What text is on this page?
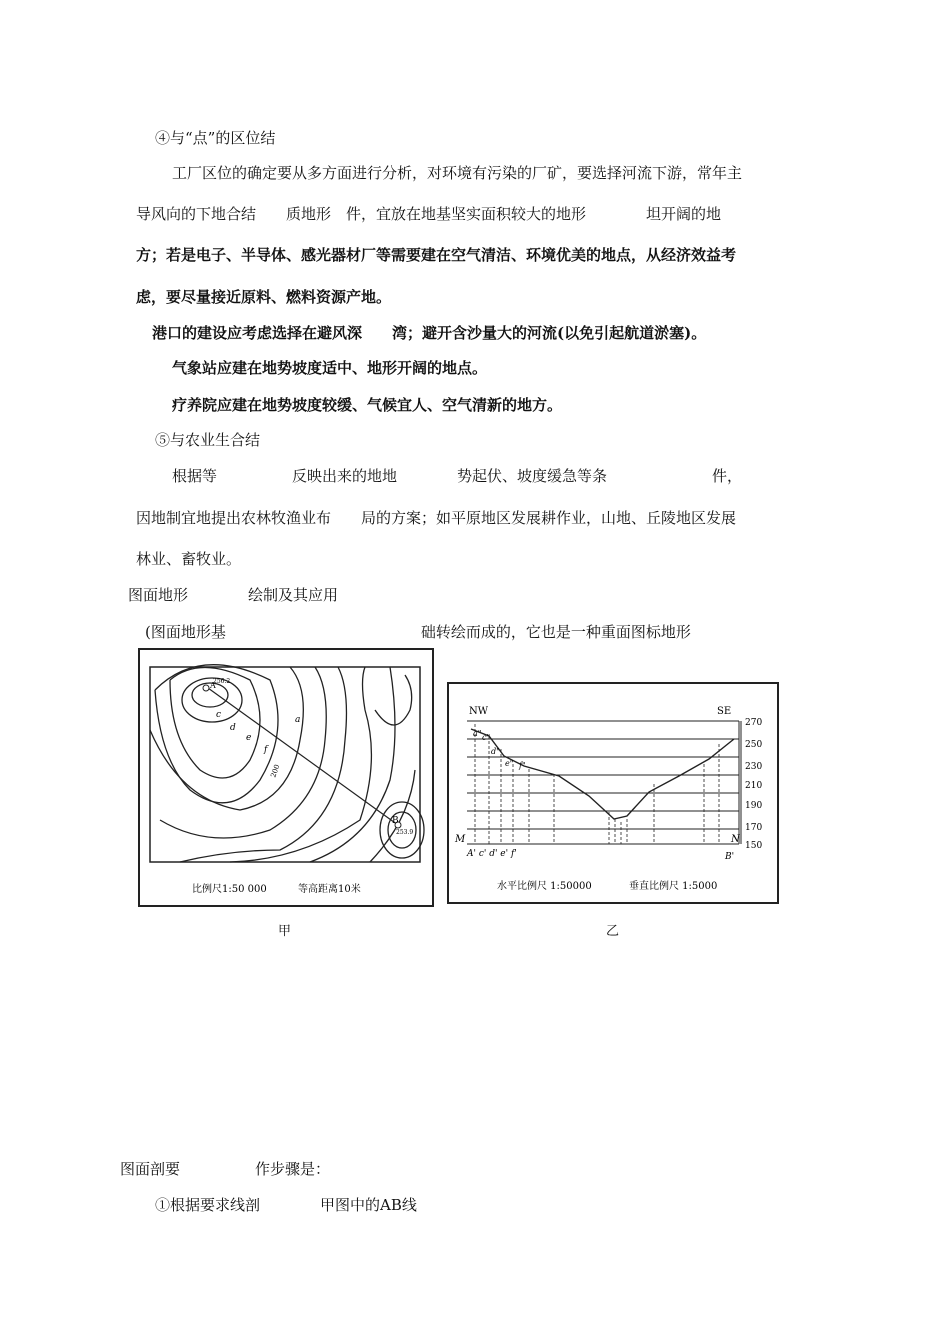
④与“点”的区位结
工厂区位的确定要从多方面进行分析，对环境有污染的厂矿，要选择河流下游，常年主
导风向的下地合结　　质地形　件，宜放在地基坚实面积较大的地形　　　　坦开阔的地
方；若是电子、半导体、感光器材厂等需要建在空气清洁、环境优美的地点，从经济效益考
虑，要尽量接近原料、燃料资源产地。
港口的建设应考虑选择在避风深　　湾；避开含沙量大的河流(以免引起航道淤塞)。
气象站应建在地势坡度适中、地形开阔的地点。
疗养院应建在地势坡度较缓、气候宜人、空气清新的地方。
⑤与农业生合结
根据等　　　　　反映出来的地地　　　　势起伏、坡度缓急等条　　　　　　　件，
因地制宜地提出农林牧渔业布　　局的方案；如平原地区发展耕作业，山地、丘陵地区发展
林业、畜牧业。
图面地形　　　　绘制及其应用
(图面地形基　　　　　　　　　　　　　础转绘而成的，它也是一种重面图标地形
图面剖要　　　　　作步骤是：
①根据要求线剖　　　　甲图中的AB线
A
256.2
B
253.9
c
d
e
f
a
200
比例尺1:50 000	等高距离10米
甲
NW	SE
a" c"
d"
e" f"
M	N
A' c' d' e' f'	B'
270
250
230
210
190
170
150
水平比例尺 1:50000	垂直比例尺 1:5000
乙
